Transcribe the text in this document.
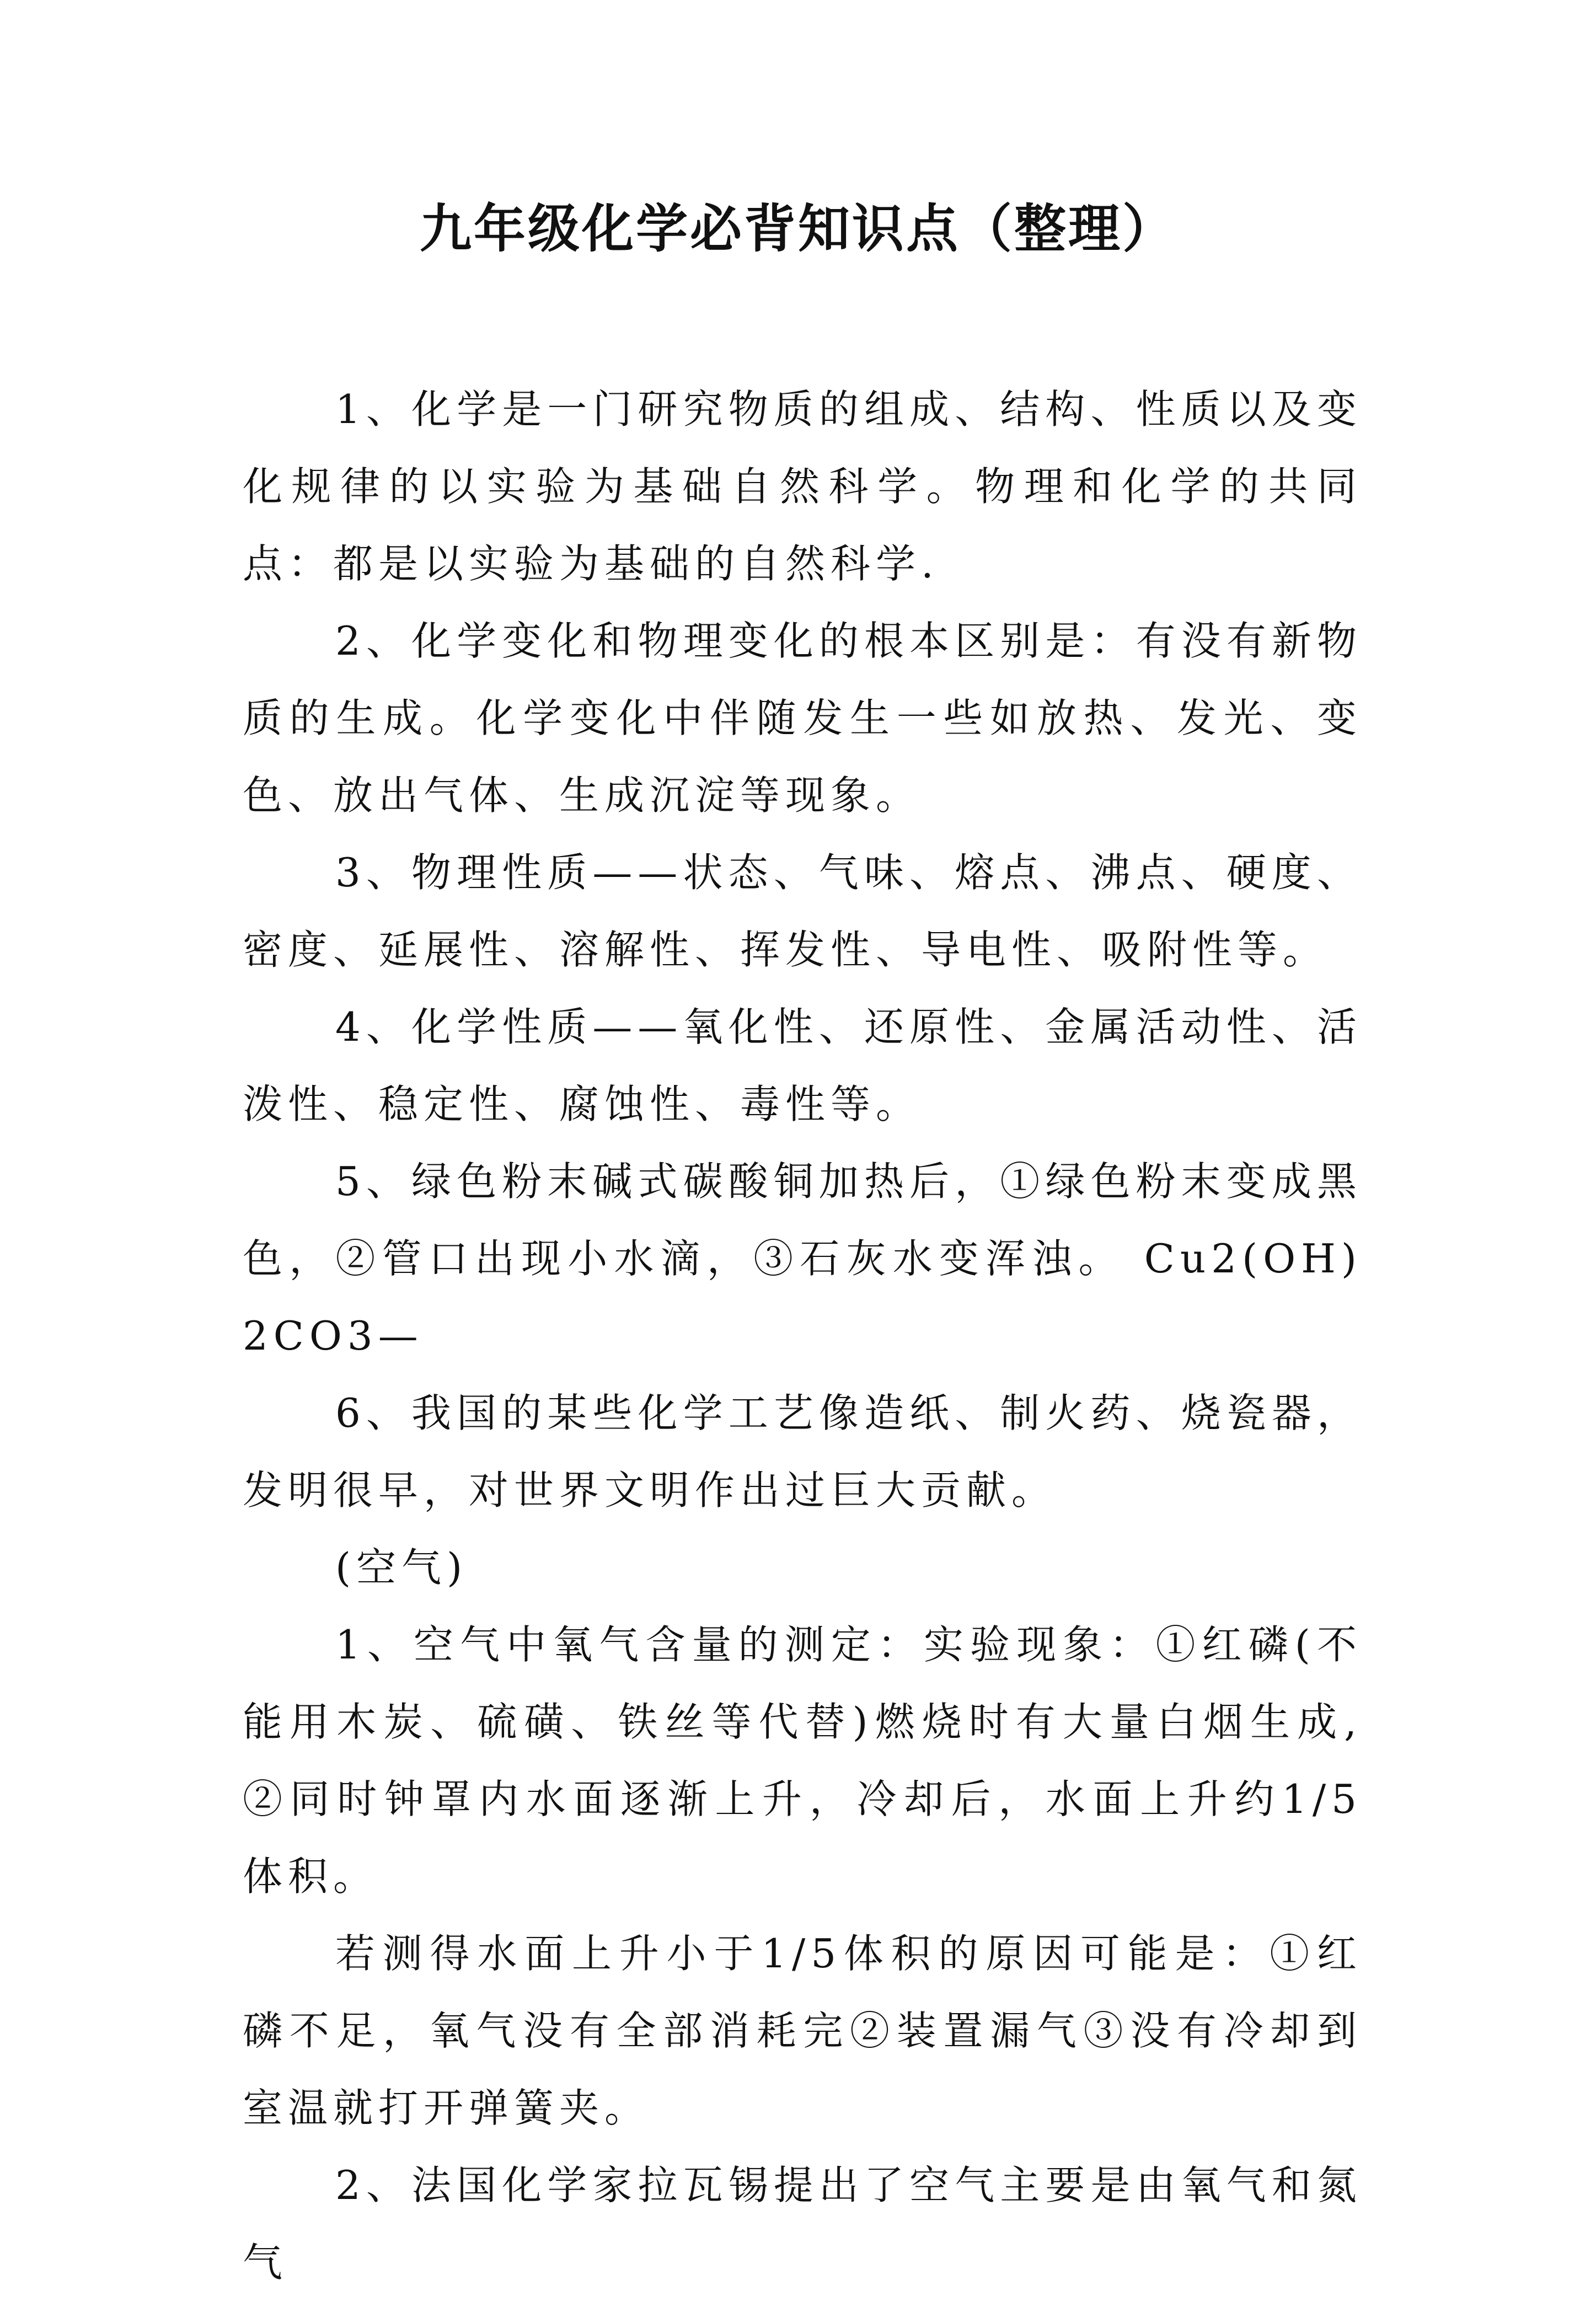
九年级化学必背知识点（整理）

1、化学是一门研究物质的组成、结构、性质以及变化规律的以实验为基础自然科学。物理和化学的共同点：都是以实验为基础的自然科学.

2、化学变化和物理变化的根本区别是：有没有新物质的生成。化学变化中伴随发生一些如放热、发光、变色、放出气体、生成沉淀等现象。

3、物理性质——状态、气味、熔点、沸点、硬度、密度、延展性、溶解性、挥发性、导电性、吸附性等。

4、化学性质——氧化性、还原性、金属活动性、活泼性、稳定性、腐蚀性、毒性等。

5、绿色粉末碱式碳酸铜加热后，①绿色粉末变成黑色，②管口出现小水滴，③石灰水变浑浊。 Cu2(OH)2CO3—

6、我国的某些化学工艺像造纸、制火药、烧瓷器，发明很早，对世界文明作出过巨大贡献。

(空气)

1、空气中氧气含量的测定：实验现象：①红磷(不能用木炭、硫磺、铁丝等代替)燃烧时有大量白烟生成,②同时钟罩内水面逐渐上升，冷却后，水面上升约1/5体积。

若测得水面上升小于1/5体积的原因可能是：①红磷不足，氧气没有全部消耗完②装置漏气③没有冷却到室温就打开弹簧夹。

2、法国化学家拉瓦锡提出了空气主要是由氧气和氮气
